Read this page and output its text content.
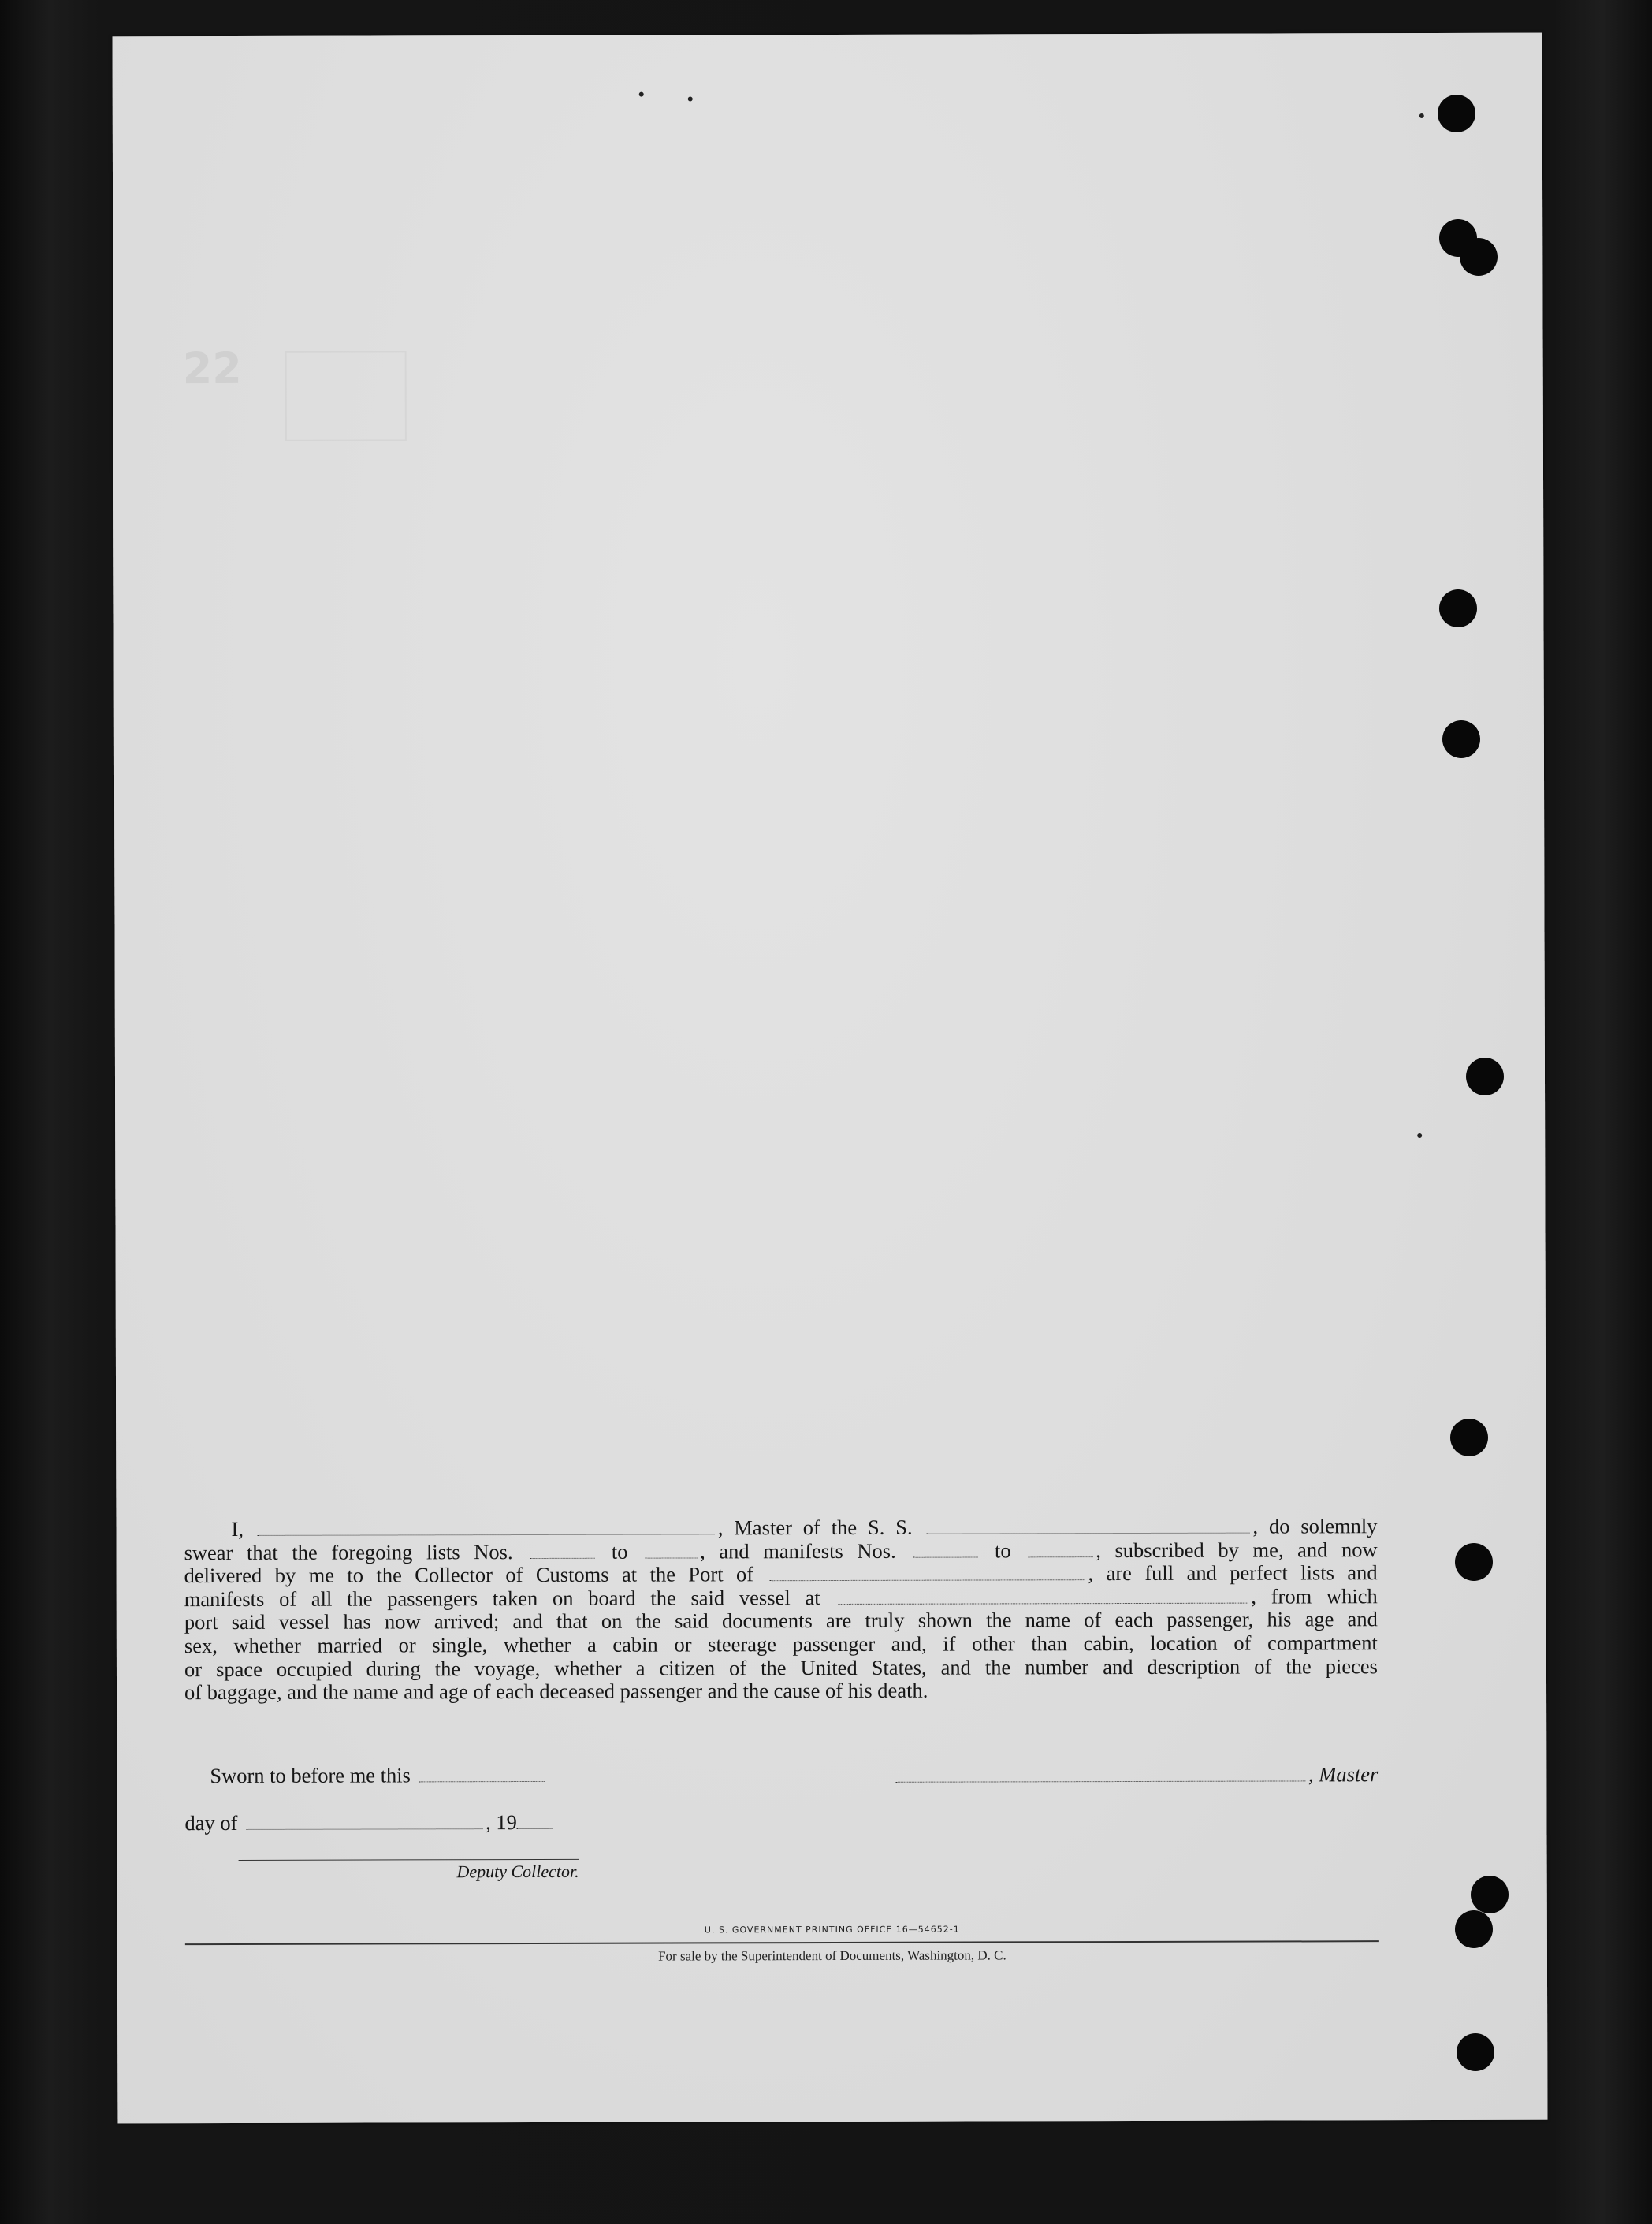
22
I,	, Master of the S. S.	, do solemnly
swear that the foregoing lists Nos.	to	, and manifests Nos.	to	, subscribed by me, and now
delivered by me to the Collector of Customs at the Port of	, are full and perfect lists and
manifests of all the passengers taken on board the said vessel at	, from which
port said vessel has now arrived; and that on the said documents are truly shown the name of each passenger, his age and
sex, whether married or single, whether a cabin or steerage passenger and, if other than cabin, location of compartment
or space occupied during the voyage, whether a citizen of the United States, and the number and description of the pieces
of baggage, and the name and age of each deceased passenger and the cause of his death.
Sworn to before me this	, Master
day of	, 19
Deputy Collector.
U. S. GOVERNMENT PRINTING OFFICE 16—54652-1
For sale by the Superintendent of Documents, Washington, D. C.
